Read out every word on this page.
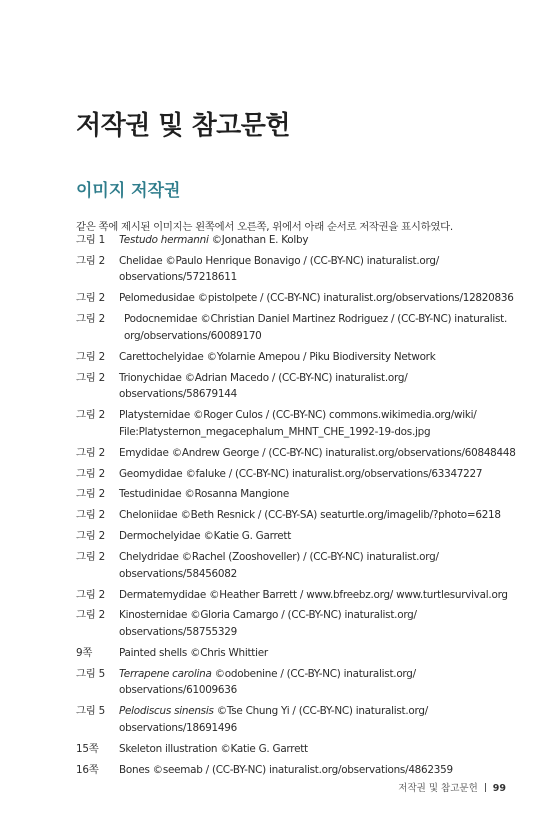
저작권 및 참고문헌
이미지 저작권

같은 쪽에 제시된 이미지는 왼쪽에서 오른쪽, 위에서 아래 순서로 저작권을 표시하였다.

그림 1 Testudo hermanni ©Jonathan E. Kolby
그림 2 Chelidae ©Paulo Henrique Bonavigo / (CC-BY-NC) inaturalist.org/
observations/57218611
그림 2 Pelomedusidae ©pistolpete / (CC-BY-NC) inaturalist.org/observations/12820836
그림 2 Podocnemidae ©Christian Daniel Martinez Rodriguez / (CC-BY-NC) inaturalist.
org/observations/60089170
그림 2 Carettochelyidae ©Yolarnie Amepou / Piku Biodiversity Network
그림 2 Trionychidae ©Adrian Macedo / (CC-BY-NC) inaturalist.org/
observations/58679144
그림 2 Platysternidae ©Roger Culos / (CC-BY-NC) commons.wikimedia.org/wiki/
File:Platysternon_megacephalum_MHNT_CHE_1992-19-dos.jpg
그림 2 Emydidae ©Andrew George / (CC-BY-NC) inaturalist.org/observations/60848448
그림 2 Geomydidae ©faluke / (CC-BY-NC) inaturalist.org/observations/63347227
그림 2 Testudinidae ©Rosanna Mangione
그림 2 Cheloniidae ©Beth Resnick / (CC-BY-SA) seaturtle.org/imagelib/?photo=6218
그림 2 Dermochelyidae ©Katie G. Garrett
그림 2 Chelydridae ©Rachel (Zooshoveller) / (CC-BY-NC) inaturalist.org/
observations/58456082
그림 2 Dermatemydidae ©Heather Barrett / www.bfreebz.org/ www.turtlesurvival.org
그림 2 Kinosternidae ©Gloria Camargo / (CC-BY-NC) inaturalist.org/
observations/58755329
9쪽	Painted shells ©Chris Whittier
그림 5 Terrapene carolina ©odobenine / (CC-BY-NC) inaturalist.org/
observations/61009636
그림 5 Pelodiscus sinensis ©Tse Chung Yi / (CC-BY-NC) inaturalist.org/
observations/18691496
15쪽 Skeleton illustration ©Katie G. Garrett
16쪽 Bones ©seemab / (CC-BY-NC) inaturalist.org/observations/4862359
저작권 및 참고문헌 99
